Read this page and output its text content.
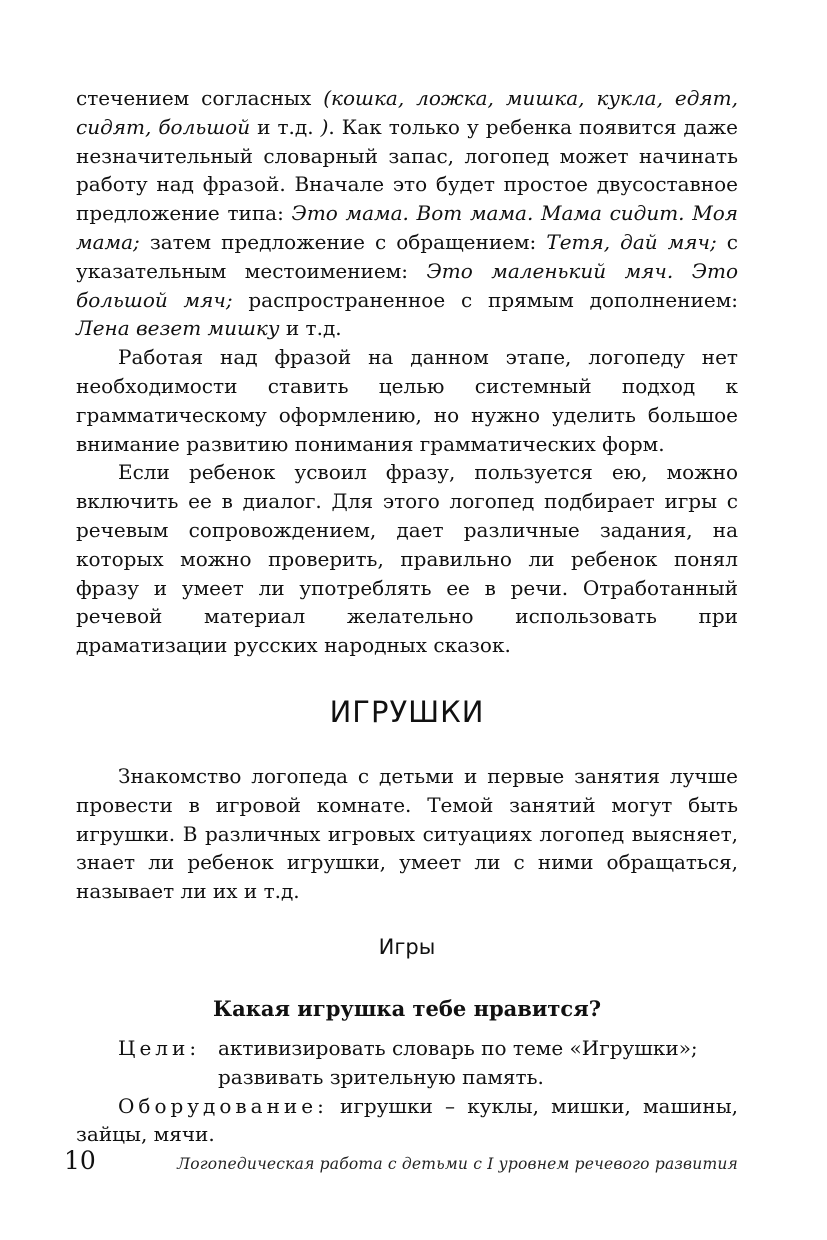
стечением согласных (кошка, ложка, мишка, кукла, едят, сидят, большой и т.д. ). Как только у ребенка появится даже незначительный словарный запас, логопед может начинать работу над фразой. Вначале это будет простое двусоставное предложение типа: Это мама. Вот мама. Мама сидит. Моя мама; затем предложение с обращением: Тетя, дай мяч; с указательным местоимением: Это маленький мяч. Это большой мяч; распространенное с прямым дополнением: Лена везет мишку и т.д.

Работая над фразой на данном этапе, логопеду нет необходимости ставить целью системный подход к грамматическому оформлению, но нужно уделить большое внимание развитию понимания грамматических форм.

Если ребенок усвоил фразу, пользуется ею, можно включить ее в диалог. Для этого логопед подбирает игры с речевым сопровождением, дает различные задания, на которых можно проверить, правильно ли ребенок понял фразу и умеет ли употреблять ее в речи. Отработанный речевой материал желательно использовать при драматизации русских народных сказок.

ИГРУШКИ

Знакомство логопеда с детьми и первые занятия лучше провести в игровой комнате. Темой занятий могут быть игрушки. В различных игровых ситуациях логопед выясняет, знает ли ребенок игрушки, умеет ли с ними обращаться, называет ли их и т.д.

Игры
Какая игрушка тебе нравится?
Цели: активизировать словарь по теме «Игрушки»;
развивать зрительную память.

Оборудование: игрушки – куклы, мишки, машины, зайцы, мячи.

10	Логопедическая работа с детьми с I уровнем речевого развития
